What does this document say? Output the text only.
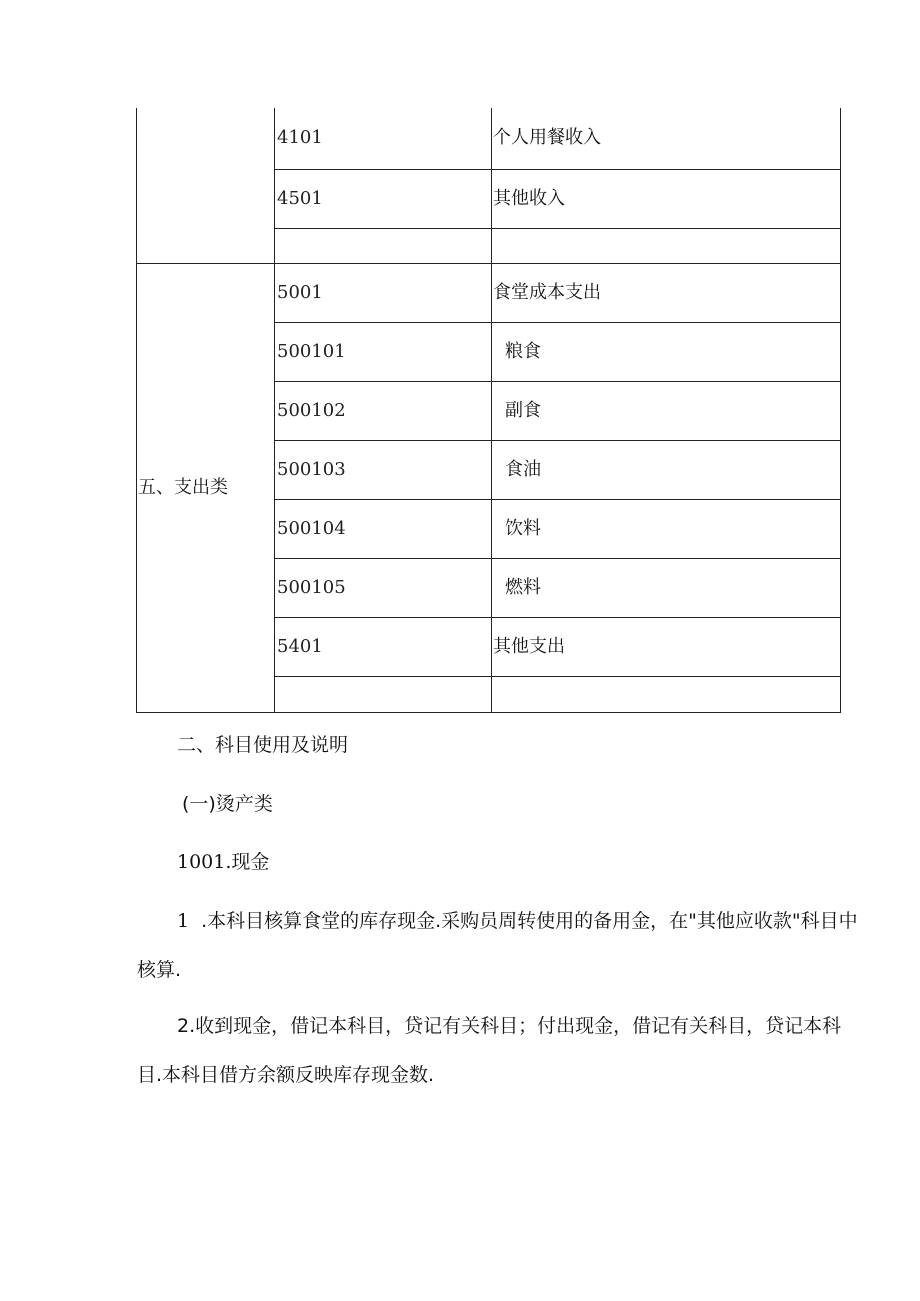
	4101	个人用餐收入
	4501	其他收入

五、支出类	5001	食堂成本支出
	500101	粮食
	500102	副食
	500103	食油
	500104	饮料
	500105	燃料
	5401	其他支出

二、科目使用及说明
(一)烫产类
1001.现金
1 .本科目核算食堂的库存现金.采购员周转使用的备用金，在"其他应收款"科目中
核算.
2.收到现金，借记本科目，贷记有关科目；付出现金，借记有关科目，贷记本科
目.本科目借方余额反映库存现金数.
